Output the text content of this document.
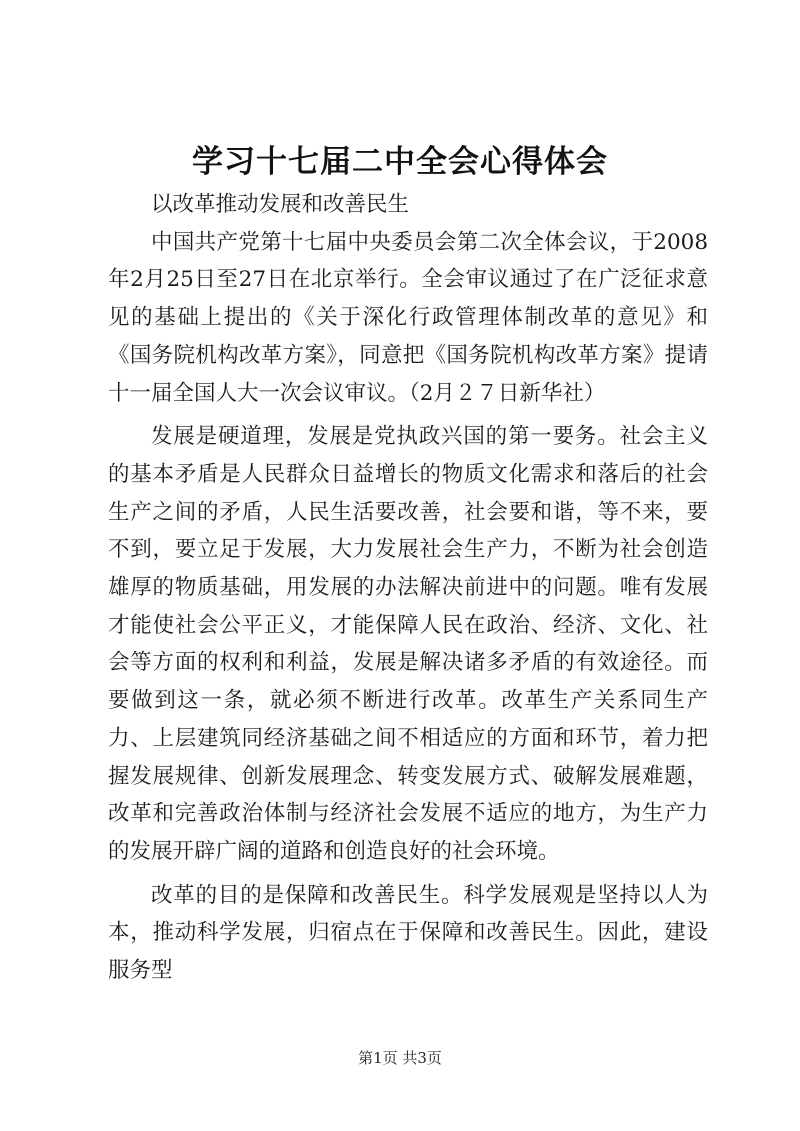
学习十七届二中全会心得体会

以改革推动发展和改善民生

中国共产党第十七届中央委员会第二次全体会议，于2008年2月25日至27日在北京举行。全会审议通过了在广泛征求意见的基础上提出的《关于深化行政管理体制改革的意见》和《国务院机构改革方案》，同意把《国务院机构改革方案》提请十一届全国人大一次会议审议。（2月２７日新华社）

发展是硬道理，发展是党执政兴国的第一要务。社会主义的基本矛盾是人民群众日益增长的物质文化需求和落后的社会生产之间的矛盾，人民生活要改善，社会要和谐，等不来，要不到，要立足于发展，大力发展社会生产力，不断为社会创造雄厚的物质基础，用发展的办法解决前进中的问题。唯有发展才能使社会公平正义，才能保障人民在政治、经济、文化、社会等方面的权利和利益，发展是解决诸多矛盾的有效途径。而要做到这一条，就必须不断进行改革。改革生产关系同生产力、上层建筑同经济基础之间不相适应的方面和环节，着力把握发展规律、创新发展理念、转变发展方式、破解发展难题，改革和完善政治体制与经济社会发展不适应的地方，为生产力的发展开辟广阔的道路和创造良好的社会环境。

改革的目的是保障和改善民生。科学发展观是坚持以人为本，推动科学发展，归宿点在于保障和改善民生。因此，建设服务型

第1页 共3页
